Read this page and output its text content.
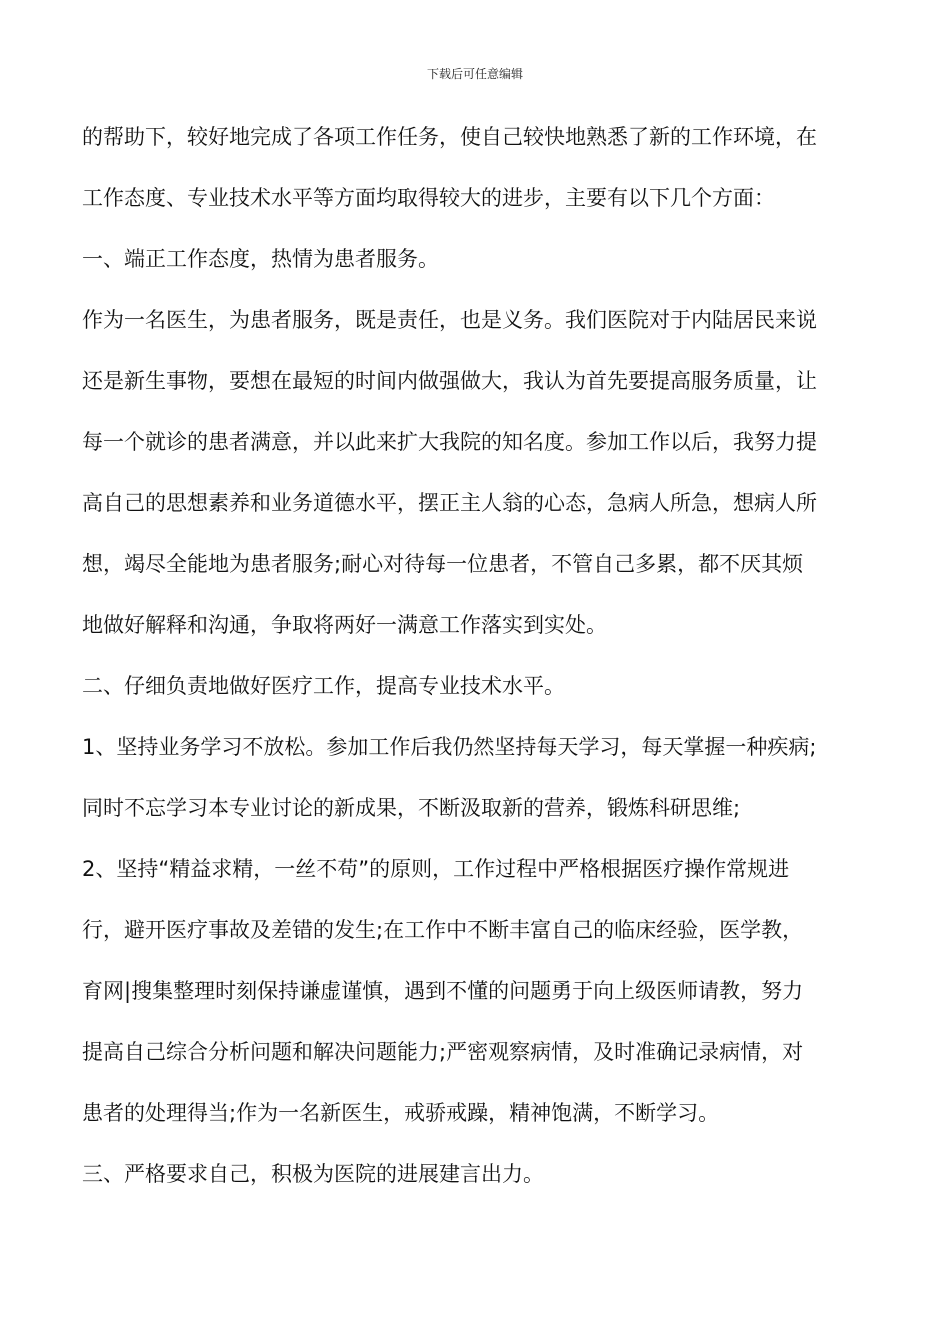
下载后可任意编辑
的帮助下，较好地完成了各项工作任务，使自己较快地熟悉了新的工作环境，在
工作态度、专业技术水平等方面均取得较大的进步，主要有以下几个方面：
一、端正工作态度，热情为患者服务。
作为一名医生，为患者服务，既是责任，也是义务。我们医院对于内陆居民来说
还是新生事物，要想在最短的时间内做强做大，我认为首先要提高服务质量，让
每一个就诊的患者满意，并以此来扩大我院的知名度。参加工作以后，我努力提
高自己的思想素养和业务道德水平，摆正主人翁的心态，急病人所急，想病人所
想，竭尽全能地为患者服务;耐心对待每一位患者，不管自己多累，都不厌其烦
地做好解释和沟通，争取将两好一满意工作落实到实处。
二、仔细负责地做好医疗工作，提高专业技术水平。
1、坚持业务学习不放松。参加工作后我仍然坚持每天学习，每天掌握一种疾病;
同时不忘学习本专业讨论的新成果，不断汲取新的营养，锻炼科研思维;
2、坚持“精益求精，一丝不苟”的原则，工作过程中严格根据医疗操作常规进
行，避开医疗事故及差错的发生;在工作中不断丰富自己的临床经验，医学教，
育网|搜集整理时刻保持谦虚谨慎，遇到不懂的问题勇于向上级医师请教，努力
提高自己综合分析问题和解决问题能力;严密观察病情，及时准确记录病情，对
患者的处理得当;作为一名新医生，戒骄戒躁，精神饱满，不断学习。
三、严格要求自己，积极为医院的进展建言出力。
